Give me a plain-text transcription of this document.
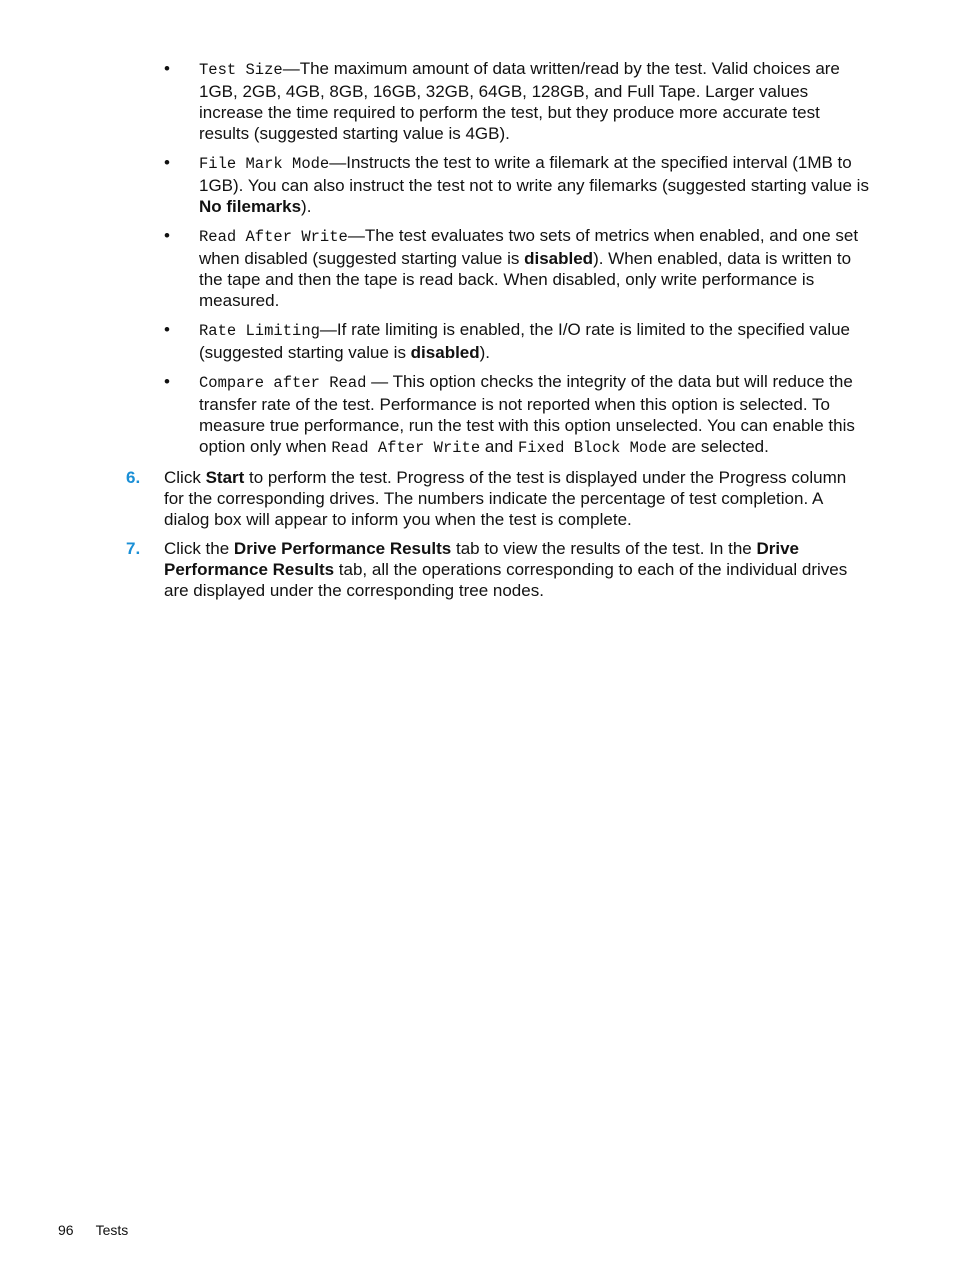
• Test Size—The maximum amount of data written/read by the test. Valid choices are 1GB, 2GB, 4GB, 8GB, 16GB, 32GB, 64GB, 128GB, and Full Tape. Larger values increase the time required to perform the test, but they produce more accurate test results (suggested starting value is 4GB).
• File Mark Mode—Instructs the test to write a filemark at the specified interval (1MB to 1GB). You can also instruct the test not to write any filemarks (suggested starting value is No filemarks).
• Read After Write—The test evaluates two sets of metrics when enabled, and one set when disabled (suggested starting value is disabled). When enabled, data is written to the tape and then the tape is read back. When disabled, only write performance is measured.
• Rate Limiting—If rate limiting is enabled, the I/O rate is limited to the specified value (suggested starting value is disabled).
• Compare after Read — This option checks the integrity of the data but will reduce the transfer rate of the test. Performance is not reported when this option is selected. To measure true performance, run the test with this option unselected. You can enable this option only when Read After Write and Fixed Block Mode are selected.
6. Click Start to perform the test. Progress of the test is displayed under the Progress column for the corresponding drives. The numbers indicate the percentage of test completion. A dialog box will appear to inform you when the test is complete.
7. Click the Drive Performance Results tab to view the results of the test. In the Drive Performance Results tab, all the operations corresponding to each of the individual drives are displayed under the corresponding tree nodes.
96 Tests
